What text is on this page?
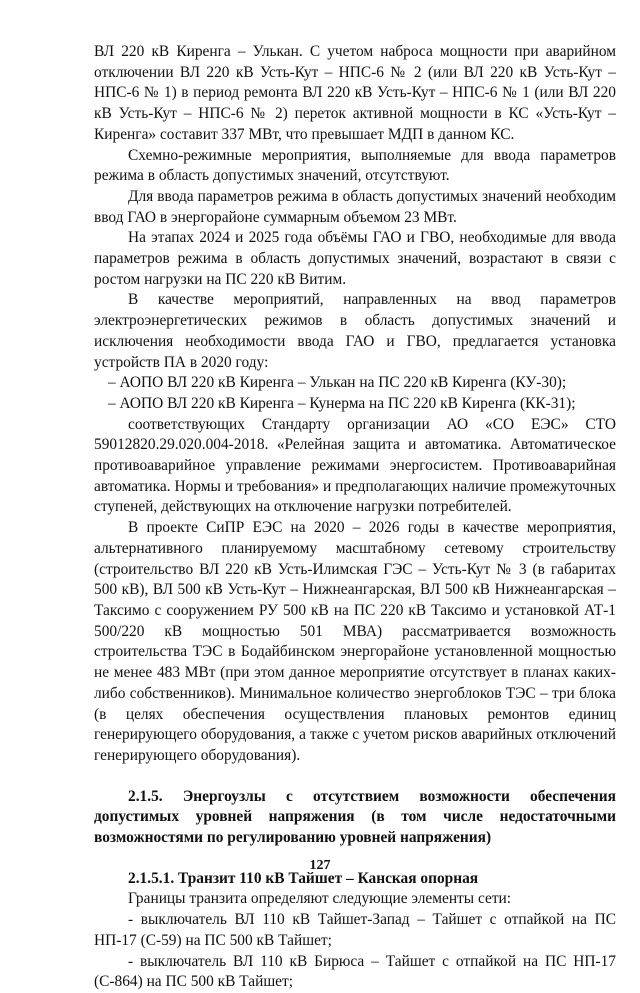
ВЛ 220 кВ Киренга – Улькан. С учетом наброса мощности при аварийном отключении ВЛ 220 кВ Усть-Кут – НПС-6 № 2 (или ВЛ 220 кВ Усть-Кут – НПС-6 № 1) в период ремонта ВЛ 220 кВ Усть-Кут – НПС-6 № 1 (или ВЛ 220 кВ Усть-Кут – НПС-6 № 2) переток активной мощности в КС «Усть-Кут – Киренга» составит 337 МВт, что превышает МДП в данном КС.

Схемно-режимные мероприятия, выполняемые для ввода параметров режима в область допустимых значений, отсутствуют.

Для ввода параметров режима в область допустимых значений необходим ввод ГАО в энергорайоне суммарным объемом 23 МВт.

На этапах 2024 и 2025 года объёмы ГАО и ГВО, необходимые для ввода параметров режима в область допустимых значений, возрастают в связи с ростом нагрузки на ПС 220 кВ Витим.

В качестве мероприятий, направленных на ввод параметров электроэнергетических режимов в область допустимых значений и исключения необходимости ввода ГАО и ГВО, предлагается установка устройств ПА в 2020 году:

– АОПО ВЛ 220 кВ Киренга – Улькан на ПС 220 кВ Киренга (КУ-30);

– АОПО ВЛ 220 кВ Киренга – Кунерма на ПС 220 кВ Киренга (КК-31);

соответствующих Стандарту организации АО «СО ЕЭС» СТО 59012820.29.020.004-2018. «Релейная защита и автоматика. Автоматическое противоаварийное управление режимами энергосистем. Противоаварийная автоматика. Нормы и требования» и предполагающих наличие промежуточных ступеней, действующих на отключение нагрузки потребителей.

В проекте СиПР ЕЭС на 2020 – 2026 годы в качестве мероприятия, альтернативного планируемому масштабному сетевому строительству (строительство ВЛ 220 кВ Усть-Илимская ГЭС – Усть-Кут № 3 (в габаритах 500 кВ), ВЛ 500 кВ Усть-Кут – Нижнеангарская, ВЛ 500 кВ Нижнеангарская – Таксимо с сооружением РУ 500 кВ на ПС 220 кВ Таксимо и установкой АТ-1 500/220 кВ мощностью 501 МВА) рассматривается возможность строительства ТЭС в Бодайбинском энергорайоне установленной мощностью не менее 483 МВт (при этом данное мероприятие отсутствует в планах каких-либо собственников). Минимальное количество энергоблоков ТЭС – три блока (в целях обеспечения осуществления плановых ремонтов единиц генерирующего оборудования, а также с учетом рисков аварийных отключений генерирующего оборудования).

2.1.5. Энергоузлы с отсутствием возможности обеспечения допустимых уровней напряжения (в том числе недостаточными возможностями по регулированию уровней напряжения)

2.1.5.1. Транзит 110 кВ Тайшет – Канская опорная

Границы транзита определяют следующие элементы сети:

- выключатель ВЛ 110 кВ Тайшет-Запад – Тайшет с отпайкой на ПС НП-17 (С-59) на ПС 500 кВ Тайшет;

- выключатель ВЛ 110 кВ Бирюса – Тайшет с отпайкой на ПС НП-17 (С-864) на ПС 500 кВ Тайшет;

127
